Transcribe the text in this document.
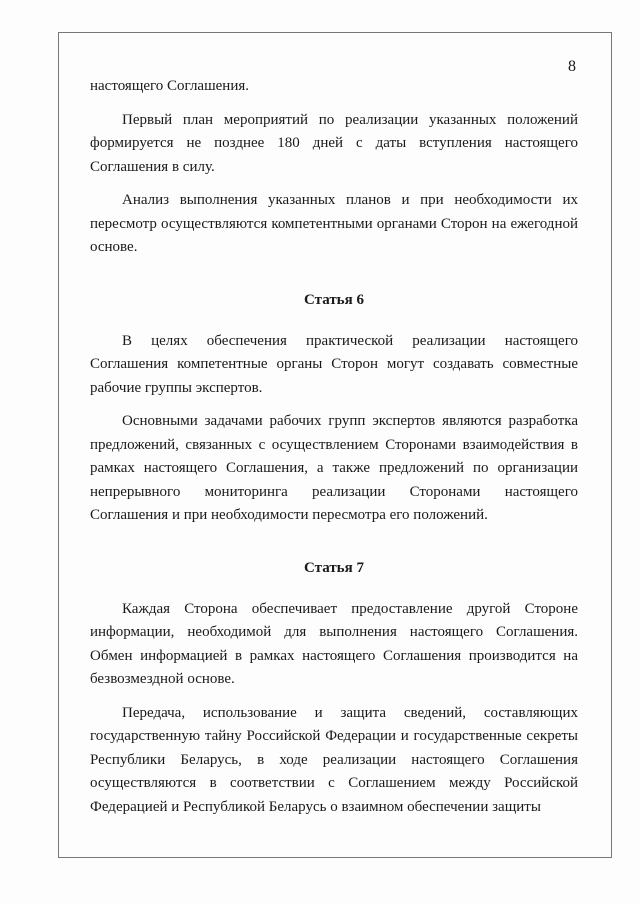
8

настоящего Соглашения.

Первый план мероприятий по реализации указанных положений формируется не позднее 180 дней с даты вступления настоящего Соглашения в силу.

Анализ выполнения указанных планов и при необходимости их пересмотр осуществляются компетентными органами Сторон на ежегодной основе.

Статья 6

В целях обеспечения практической реализации настоящего Соглашения компетентные органы Сторон могут создавать совместные рабочие группы экспертов.

Основными задачами рабочих групп экспертов являются разработка предложений, связанных с осуществлением Сторонами взаимодействия в рамках настоящего Соглашения, а также предложений по организации непрерывного мониторинга реализации Сторонами настоящего Соглашения и при необходимости пересмотра его положений.

Статья 7

Каждая Сторона обеспечивает предоставление другой Стороне информации, необходимой для выполнения настоящего Соглашения. Обмен информацией в рамках настоящего Соглашения производится на безвозмездной основе.

Передача, использование и защита сведений, составляющих государственную тайну Российской Федерации и государственные секреты Республики Беларусь, в ходе реализации настоящего Соглашения осуществляются в соответствии с Соглашением между Российской Федерацией и Республикой Беларусь о взаимном обеспечении защиты
